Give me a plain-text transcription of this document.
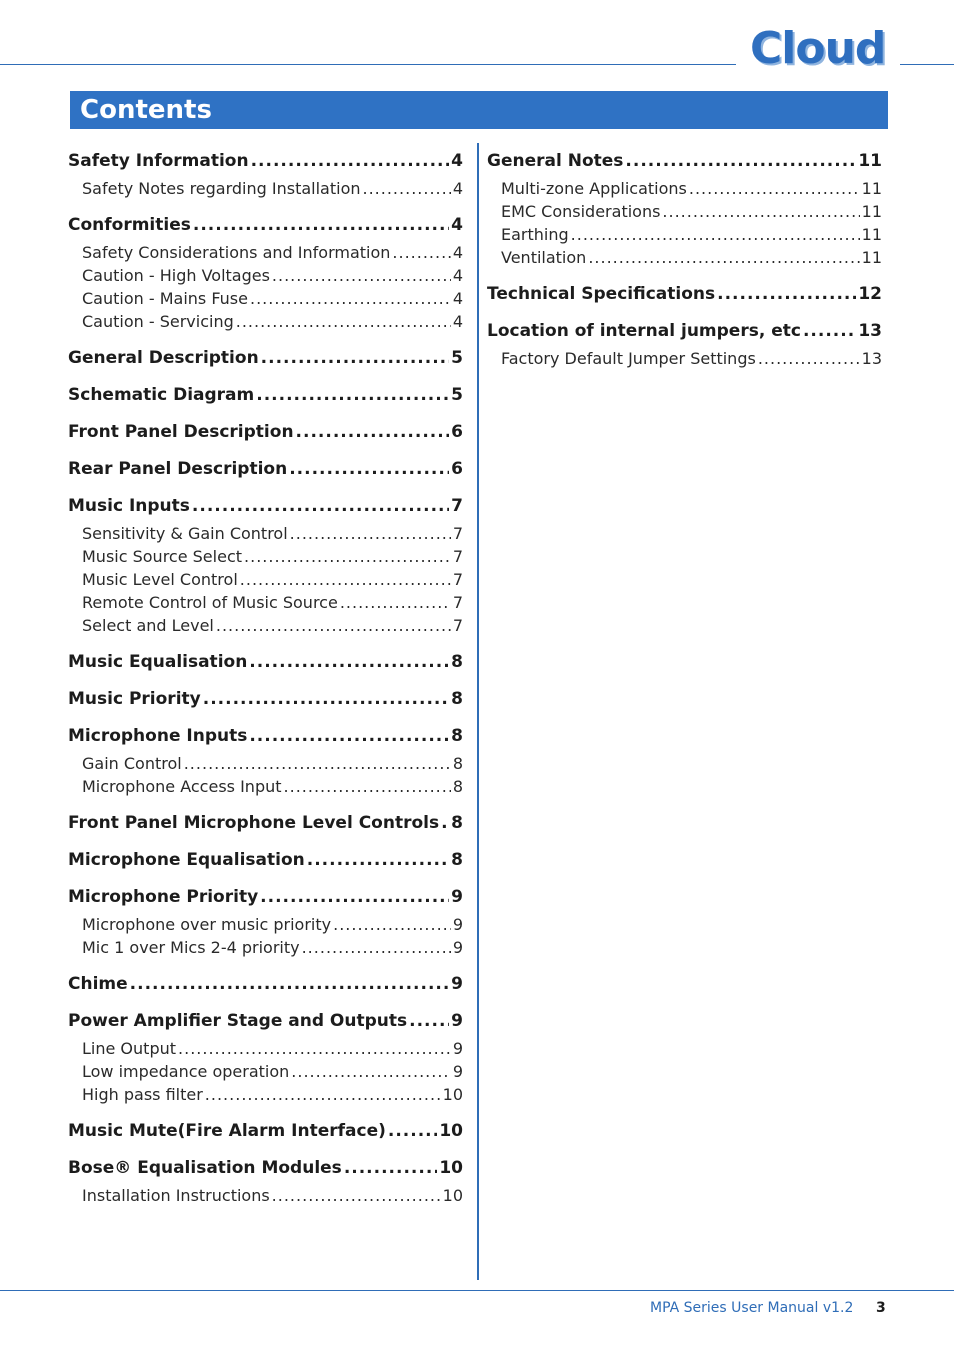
Cloud
Contents
Safety Information .....	4
Safety Notes regarding Installation .....	4
Conformities .....	4
Safety Considerations and Information .....	4
Caution - High Voltages .....	4
Caution - Mains Fuse .....	4
Caution - Servicing .....	4
General Description .....	5
Schematic Diagram .....	5
Front Panel Description .....	6
Rear Panel Description .....	6
Music Inputs .....	7
Sensitivity & Gain Control .....	7
Music Source Select .....	7
Music Level Control .....	7
Remote Control of Music Source .....	7
Select and Level .....	7
Music Equalisation .....	8
Music Priority .....	8
Microphone Inputs .....	8
Gain Control .....	8
Microphone Access Input .....	8
Front Panel Microphone Level Controls ..... 8
Microphone Equalisation .....	8
Microphone Priority .....	9
Microphone over music priority .....	9
Mic 1 over Mics 2-4 priority .....	9
Chime .....	9
Power Amplifier Stage and Outputs .....	9
Line Output .....	9
Low impedance operation .....	9
High pass filter .....	10
Music Mute(Fire Alarm Interface) .....	10
Bose® Equalisation Modules .....	10
Installation Instructions .....	10
General Notes .....	11
Multi-zone Applications .....	11
EMC Considerations .....	11
Earthing .....	11
Ventilation .....	11
Technical Specifications .....	12
Location of internal jumpers, etc .....	13
Factory Default Jumper Settings .....	13
MPA Series User Manual v1.2 3
